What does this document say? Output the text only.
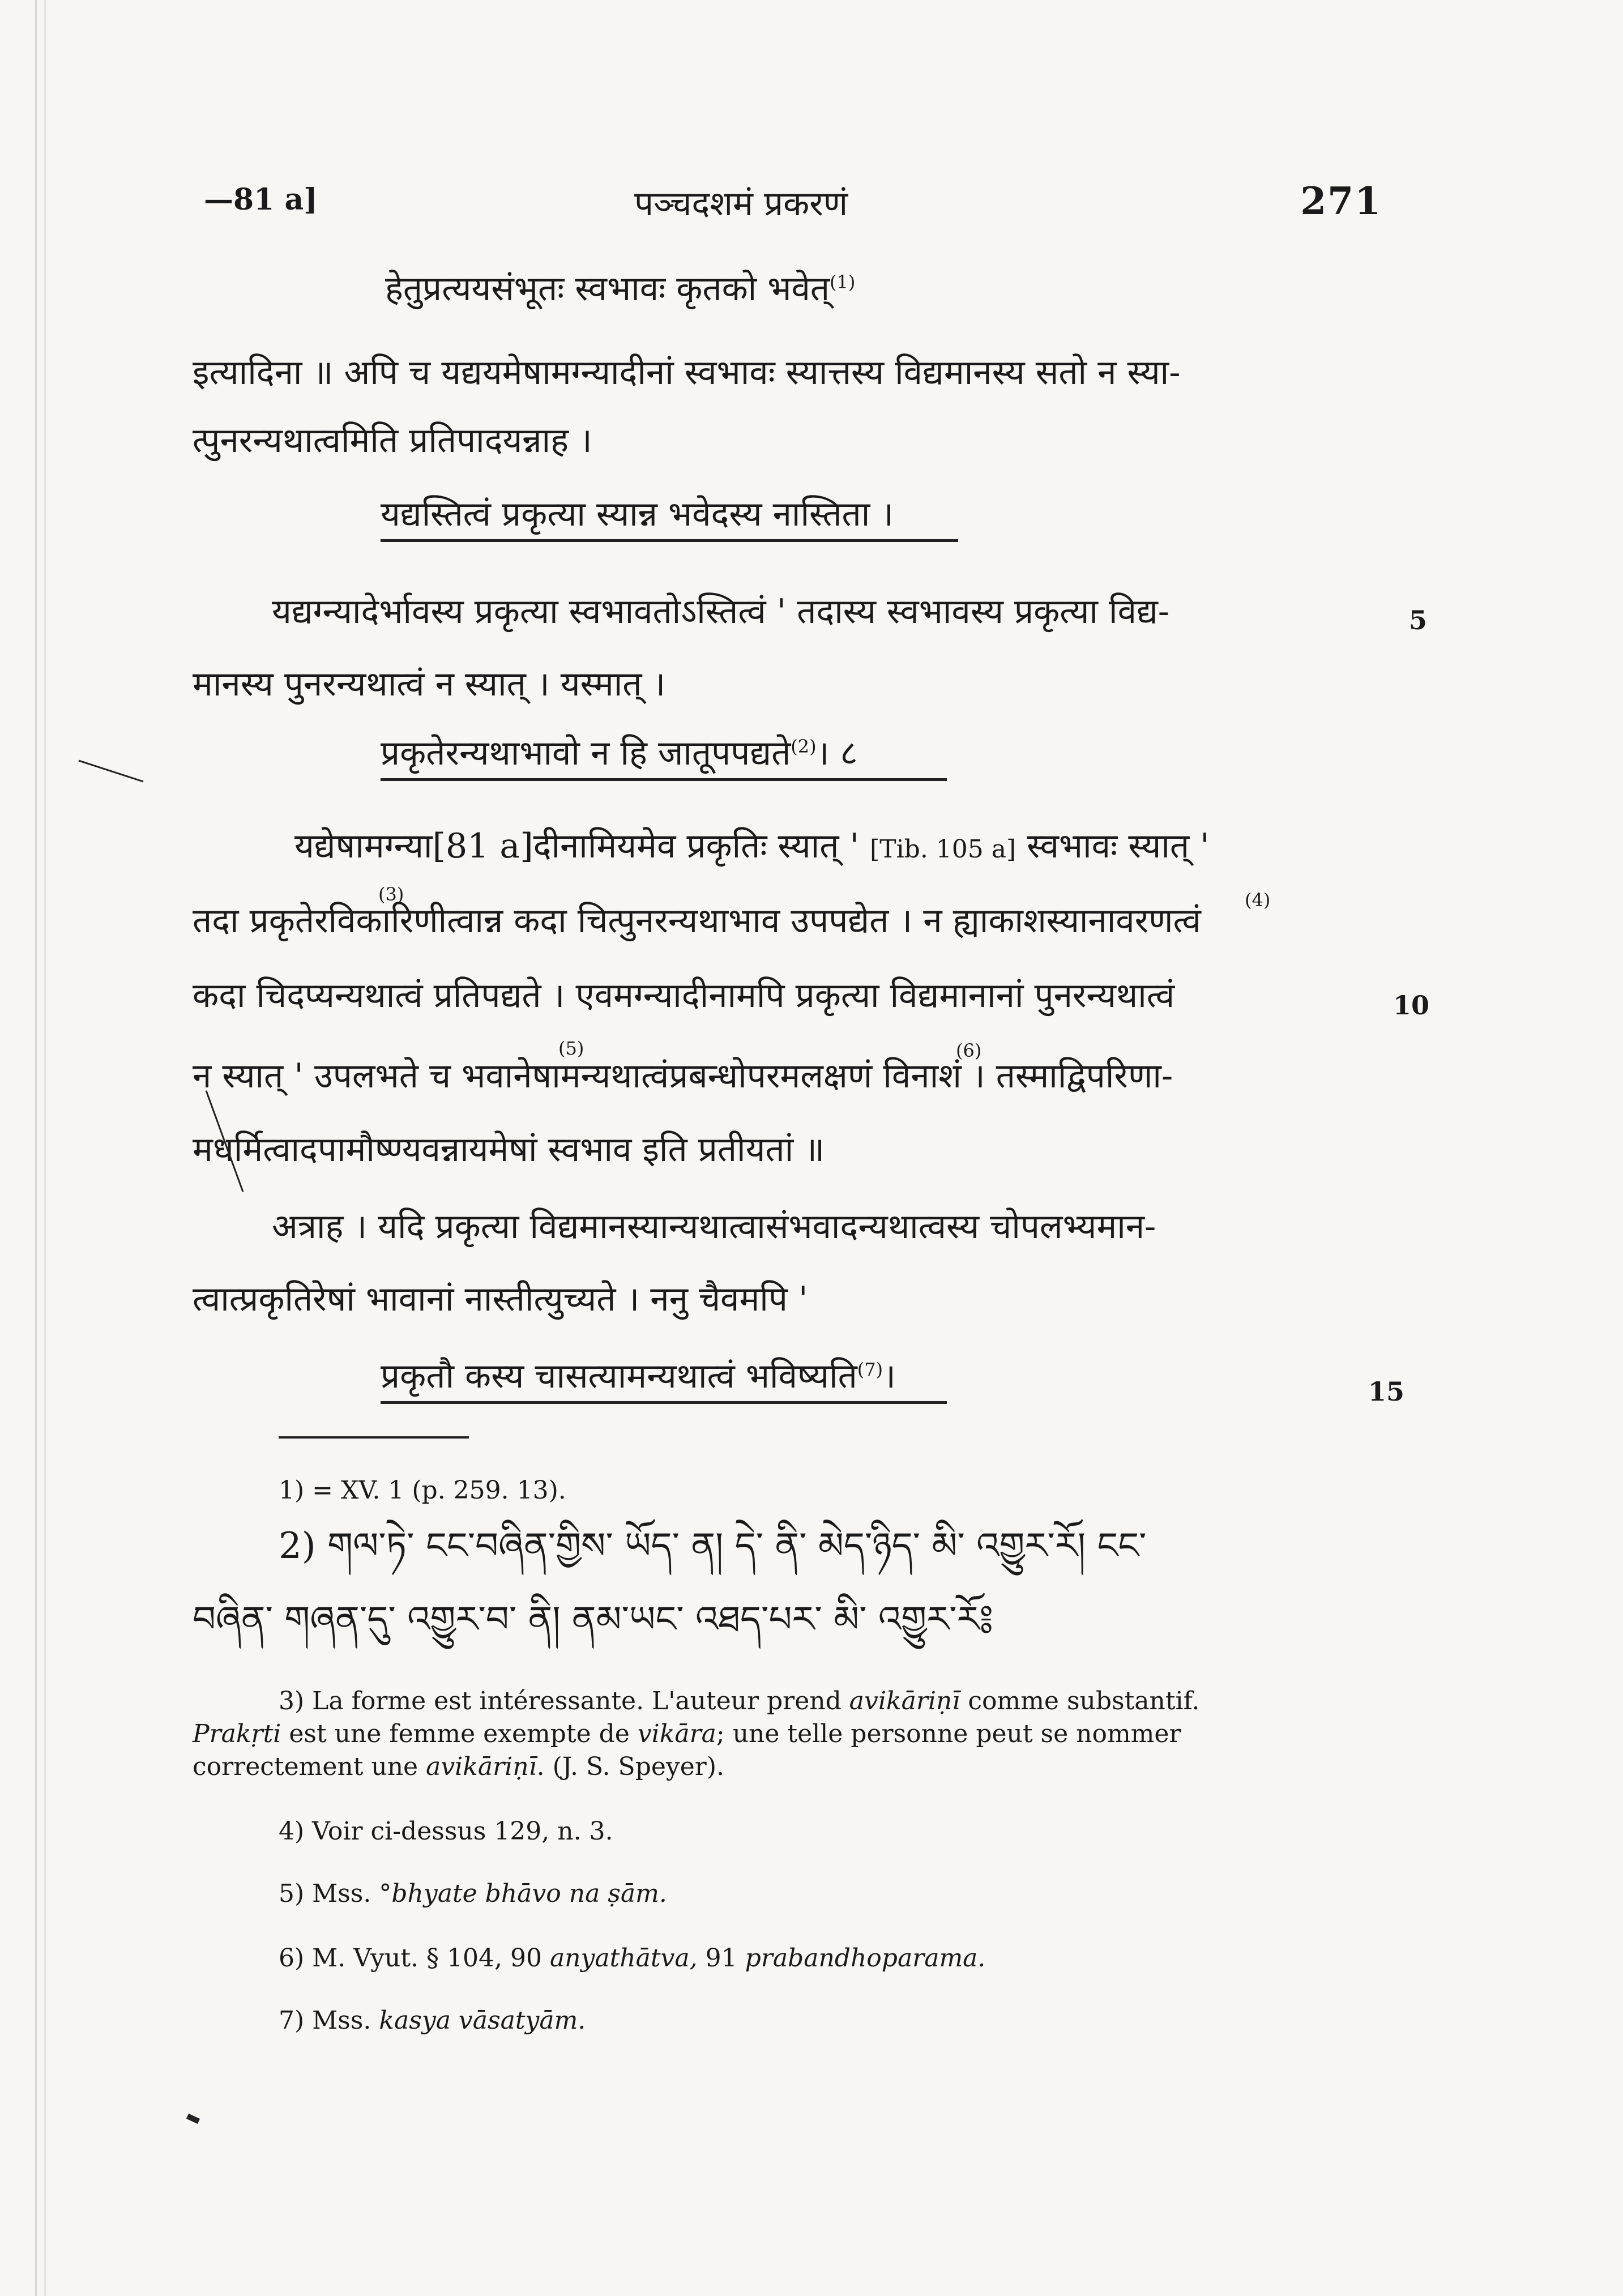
—81 a]	पञ्चदशमं प्रकरणं	271
हेतुप्रत्ययसंभूतः स्वभावः कृतको भवेत्$^{(1)}$
इत्यादिना ॥ अपि च यद्ययमेषामग्न्यादीनां स्वभावः स्यात्तस्य विद्यमानस्य सतो न स्या-
त्पुनरन्यथात्वमिति प्रतिपादयन्नाह ।
यद्यस्तित्वं प्रकृत्या स्यान्न भवेदस्य नास्तिता ।
यद्यग्न्यादेर्भावस्य प्रकृत्या स्वभावतोऽस्तित्वं ' तदास्य स्वभावस्य प्रकृत्या विद्य-	5
मानस्य पुनरन्यथात्वं न स्यात् । यस्मात् ।
प्रकृतेरन्यथाभावो न हि जातूपपद्यते$^{(2)}$। ८
यद्येषामग्न्या[81 a]दीनामियमेव प्रकृतिः स्यात् ' [Tib. 105 a] स्वभावः स्यात् '
तदा प्रकृतेरविकारिणीत्वान्न कदा चित्पुनरन्यथाभाव उपपद्येत । न ह्याकाशस्यानावरणत्वं
(3)	(4)
कदा चिदप्यन्यथात्वं प्रतिपद्यते । एवमग्न्यादीनामपि प्रकृत्या विद्यमानानां पुनरन्यथात्वं	10
(5)	(6)
न स्यात् ' उपलभते च भवानेषामन्यथात्वंप्रबन्धोपरमलक्षणं विनाशं । तस्माद्विपरिणा-
मधर्मित्वादपामौष्ण्यवन्नायमेषां स्वभाव इति प्रतीयतां ॥
अत्राह । यदि प्रकृत्या विद्यमानस्यान्यथात्वासंभवादन्यथात्वस्य चोपलभ्यमान-
त्वात्प्रकृतिरेषां भावानां नास्तीत्युच्यते । ननु चैवमपि '
प्रकृतौ कस्य चासत्यामन्यथात्वं भविष्यति$^{(7)}$।	15
1) = XV. 1 (p. 259. 13).
2) གལ་ཏེ་ ངང་བཞིན་གྱིས་ ཡོད་ ན། དེ་ ནི་ མེད་ཉིད་ མི་ འགྱུར་རོ། ངང་
བཞིན་ གཞན་དུ་ འགྱུར་བ་ ནི། ནམ་ཡང་ འཐད་པར་ མི་ འགྱུར་རོ༔
3) La forme est intéressante. L'auteur prend avikāriṇī comme substantif.
Prakṛti est une femme exempte de vikāra; une telle personne peut se nommer
correctement une avikāriṇī. (J. S. Speyer).
4) Voir ci-dessus 129, n. 3.
5) Mss. °bhyate bhāvo na ṣām.
6) M. Vyut. § 104, 90 anyathātva, 91 prabandhoparama.
7) Mss. kasya vāsatyām.
